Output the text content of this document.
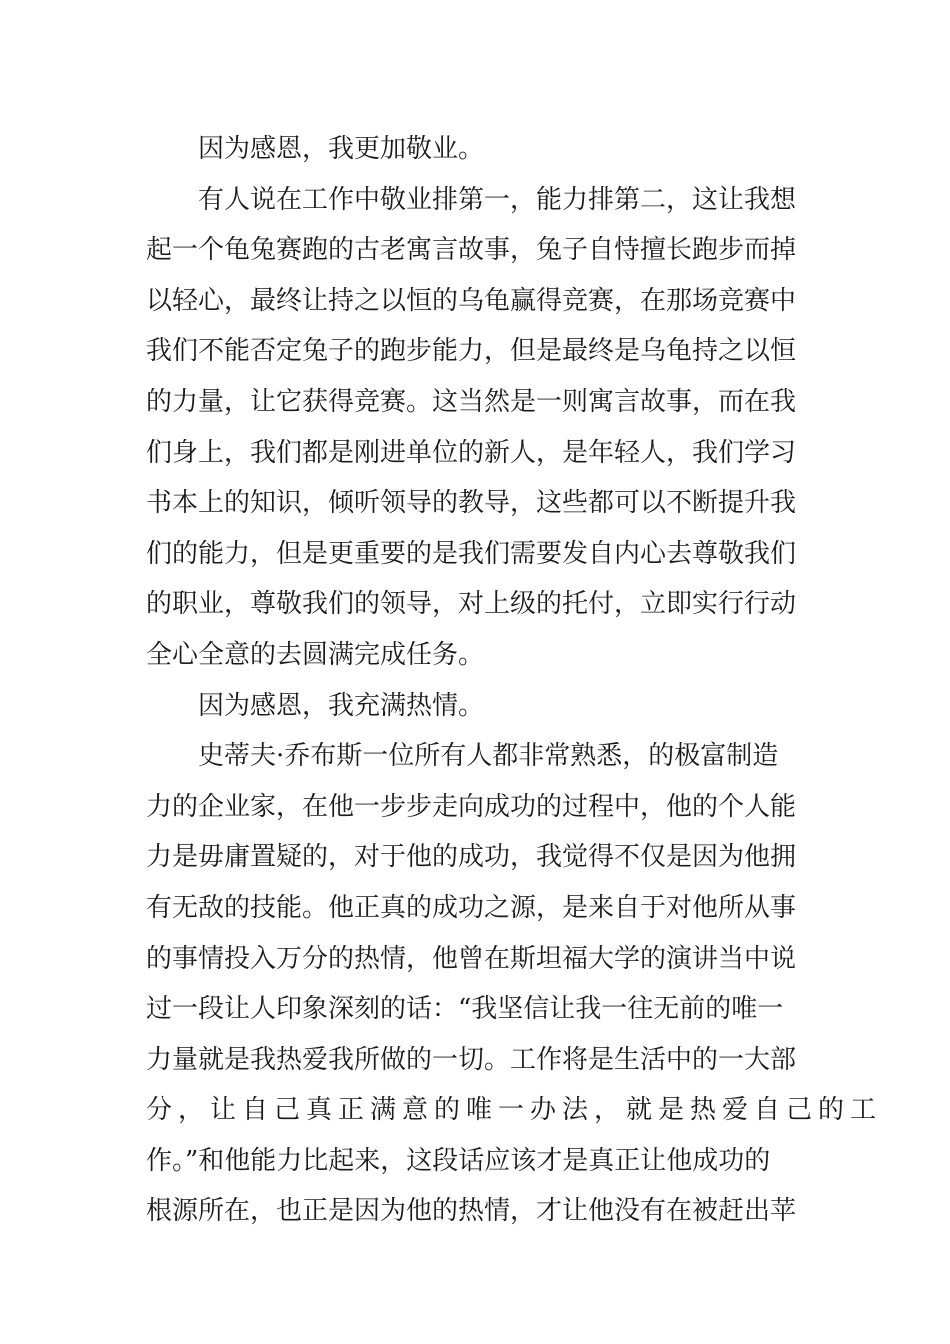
因为感恩，我更加敬业。
有人说在工作中敬业排第一，能力排第二，这让我想
起一个龟兔赛跑的古老寓言故事，兔子自恃擅长跑步而掉
以轻心，最终让持之以恒的乌龟赢得竞赛，在那场竞赛中
我们不能否定兔子的跑步能力，但是最终是乌龟持之以恒
的力量，让它获得竞赛。这当然是一则寓言故事，而在我
们身上，我们都是刚进单位的新人，是年轻人，我们学习
书本上的知识，倾听领导的教导，这些都可以不断提升我
们的能力，但是更重要的是我们需要发自内心去尊敬我们
的职业，尊敬我们的领导，对上级的托付，立即实行行动
全心全意的去圆满完成任务。
因为感恩，我充满热情。
史蒂夫·乔布斯一位所有人都非常熟悉，的极富制造
力的企业家，在他一步步走向成功的过程中，他的个人能
力是毋庸置疑的，对于他的成功，我觉得不仅是因为他拥
有无敌的技能。他正真的成功之源，是来自于对他所从事
的事情投入万分的热情，他曾在斯坦福大学的演讲当中说
过一段让人印象深刻的话：“我坚信让我一往无前的唯一
力量就是我热爱我所做的一切。工作将是生活中的一大部
分，让自己真正满意的唯一办法，就是热爱自己的工
作。”和他能力比起来，这段话应该才是真正让他成功的
根源所在，也正是因为他的热情，才让他没有在被赶出苹
